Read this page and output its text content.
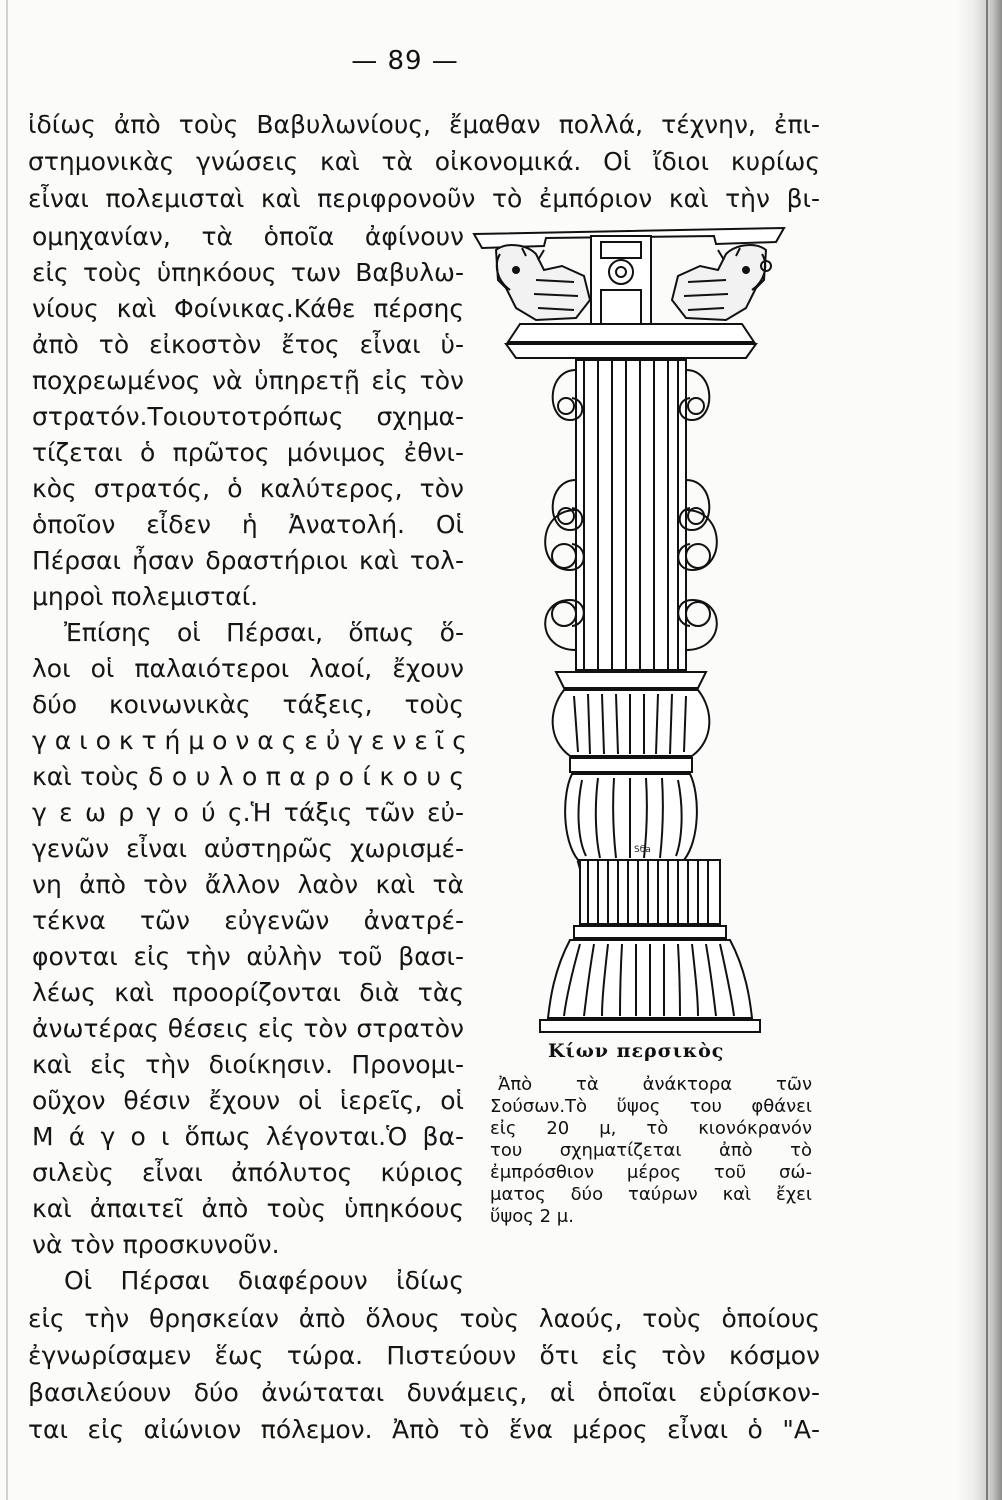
— 89 —
ἰδίως ἀπὸ τοὺς Βαβυλωνίους, ἔμαθαν πολλά, τέχνην, ἐπι-
στημονικὰς γνώσεις καὶ τὰ οἰκονομικά. Οἱ ἴδιοι κυρίως
εἶναι πολεμισταὶ καὶ περιφρονοῦν τὸ ἐμπόριον καὶ τὴν βι-
ομηχανίαν, τὰ ὁποῖα ἀφίνουν
εἰς τοὺς ὑπηκόους των Βαβυλω-
νίους καὶ Φοίνικας.Κάθε πέρσης
ἀπὸ τὸ εἰκοστὸν ἔτος εἶναι ὑ-
ποχρεωμένος νὰ ὑπηρετῇ εἰς τὸν
στρατόν.Τοιουτοτρόπως σχημα-
τίζεται ὁ πρῶτος μόνιμος ἐθνι-
κὸς στρατός, ὁ καλύτερος, τὸν
ὁποῖον εἶδεν ἡ Ἀνατολή. Οἱ
Πέρσαι ἦσαν δραστήριοι καὶ τολ-
μηροὶ πολεμισταί.
Ἐπίσης οἱ Πέρσαι, ὅπως ὅ-
λοι οἱ παλαιότεροι λαοί, ἔχουν
δύο κοινωνικὰς τάξεις, τοὺς
γ α ι ο κ τ ή μ ο ν α ς ε ὐ γ ε ν ε ῖ ς
καὶ τοὺς δ ο υ λ ο π α ρ ο ί κ ο υ ς
γ ε ω ρ γ ο ύ ς.Ἡ τάξις τῶν εὐ-
γενῶν εἶναι αὐστηρῶς χωρισμέ-
νη ἀπὸ τὸν ἄλλον λαὸν καὶ τὰ
τέκνα τῶν εὐγενῶν ἀνατρέ-
φονται εἰς τὴν αὐλὴν τοῦ βασι-
λέως καὶ προορίζονται διὰ τὰς
ἀνωτέρας θέσεις εἰς τὸν στρατὸν
καὶ εἰς τὴν διοίκησιν. Προνομι-
οῦχον θέσιν ἔχουν οἱ ἱερεῖς, οἱ
Μ ά γ ο ι ὅπως λέγονται.Ὁ βα-
σιλεὺς εἶναι ἀπόλυτος κύριος
καὶ ἀπαιτεῖ ἀπὸ τοὺς ὑπηκόους
νὰ τὸν προσκυνοῦν.
Οἱ Πέρσαι διαφέρουν ἰδίως
εἰς τὴν θρησκείαν ἀπὸ ὅλους τοὺς λαούς, τοὺς ὁποίους
ἐγνωρίσαμεν ἕως τώρα. Πιστεύουν ὅτι εἰς τὸν κόσμον
βασιλεύουν δύο ἀνώταται δυνάμεις, αἱ ὁποῖαι εὑρίσκον-
ται εἰς αἰώνιον πόλεμον. Ἀπὸ τὸ ἕνα μέρος εἶναι ὁ "Α-
Sба
Κίων περσικὸς
Ἀπὸ τὰ ἀνάκτορα τῶν
Σούσων.Τὸ ὕψος του φθάνει
εἰς 20 μ, τὸ κιονόκρανόν
του σχηματίζεται ἀπὸ τὸ
ἐμπρόσθιον μέρος τοῦ σώ-
ματος δύο ταύρων καὶ ἔχει
ὕψος 2 μ.
